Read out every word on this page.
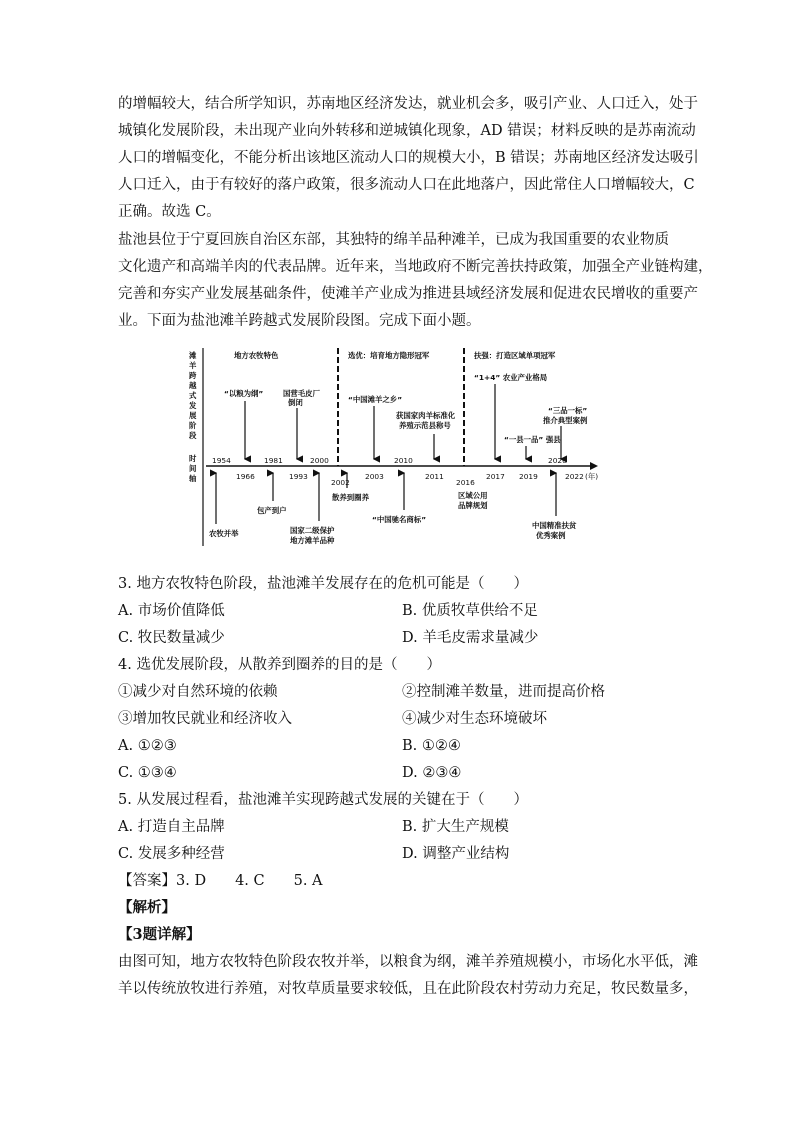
的增幅较大，结合所学知识，苏南地区经济发达，就业机会多，吸引产业、人口迁入，处于
城镇化发展阶段，未出现产业向外转移和逆城镇化现象，AD 错误；材料反映的是苏南流动
人口的增幅变化，不能分析出该地区流动人口的规模大小，B 错误；苏南地区经济发达吸引
人口迁入，由于有较好的落户政策，很多流动人口在此地落户，因此常住人口增幅较大，C
正确。故选 C。
盐池县位于宁夏回族自治区东部，其独特的绵羊品种滩羊，已成为我国重要的农业物质
文化遗产和高端羊肉的代表品牌。近年来，当地政府不断完善扶持政策，加强全产业链构建，
完善和夯实产业发展基础条件，使滩羊产业成为推进县域经济发展和促进农民增收的重要产
业。下面为盐池滩羊跨越式发展阶段图。完成下面小题。
滩
羊
跨
越
式
发
展
阶
段
时
间
轴
地方农牧特色	选优：培育地方隐形冠军	扶强：打造区域单项冠军
1954
1966
1981
1993
2000
2002
2003
2010
2011
2016
2017 2019
2020
2022 (年)
“以粮为纲”	国营毛皮厂
倒闭	“中国滩羊之乡”
获国家肉羊标准化
养殖示范县称号
“1+4” 农业产业格局
“一县一品” 强县
“三品一标”
推介典型案例
农牧并举
包产到户
国家二级保护
地方滩羊品种
散养到圈养
“中国驰名商标”
区域公用
品牌规划
中国精准扶贫
优秀案例
3. 地方农牧特色阶段，盐池滩羊发展存在的危机可能是（　　）
A. 市场价值降低	B. 优质牧草供给不足
C. 牧民数量减少	D. 羊毛皮需求量减少
4. 选优发展阶段，从散养到圈养的目的是（　　）
①减少对自然环境的依赖	②控制滩羊数量，进而提高价格
③增加牧民就业和经济收入	④减少对生态环境破坏
A. ①②③	B. ①②④
C. ①③④	D. ②③④
5. 从发展过程看，盐池滩羊实现跨越式发展的关键在于（　　）
A. 打造自主品牌	B. 扩大生产规模
C. 发展多种经营	D. 调整产业结构
【答案】3. D　　4. C　　5. A
【解析】
【3题详解】
由图可知，地方农牧特色阶段农牧并举，以粮食为纲，滩羊养殖规模小，市场化水平低，滩
羊以传统放牧进行养殖，对牧草质量要求较低，且在此阶段农村劳动力充足，牧民数量多，
